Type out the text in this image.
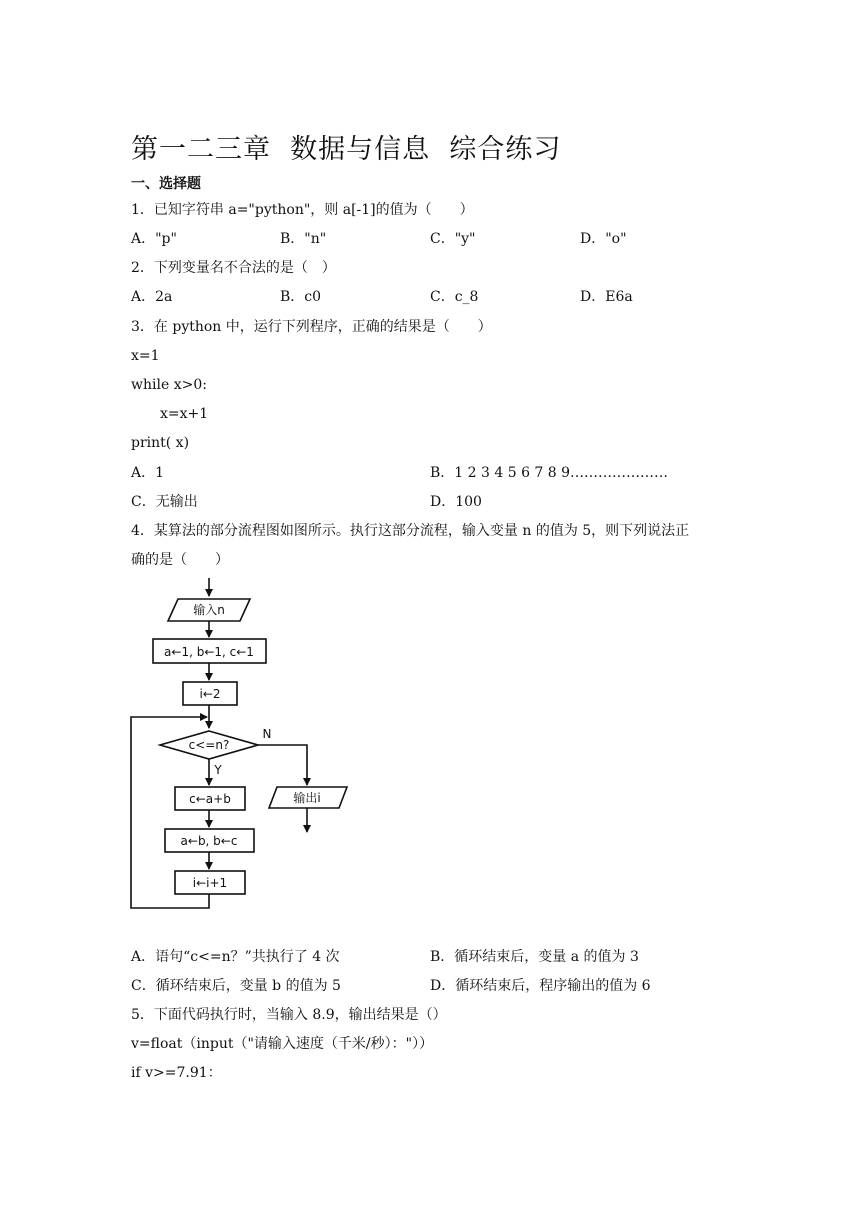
第一二三章  数据与信息  综合练习
一、选择题
1．已知字符串 a="python"，则 a[-1]的值为（　　）
A．"p"	B．"n"	C．"y"	D．"o"
2．下列变量名不合法的是（　）
A．2a	B．c0	C．c_8	D．E6a
3．在 python 中，运行下列程序，正确的结果是（　　）
x=1
while x>0:
x=x+1
print( x)
A．1	B．1 2 3 4 5 6 7 8 9…………………
C．无输出	D．100
4．某算法的部分流程图如图所示。执行这部分流程，输入变量 n 的值为 5，则下列说法正
确的是（　　）
输入n
a←1, b←1, c←1
i←2
c<=n?
N
Y
输出i
c←a+b
a←b, b←c
i←i+1
A．语句“c<=n？”共执行了 4 次	B．循环结束后，变量 a 的值为 3
C．循环结束后，变量 b 的值为 5	D．循环结束后，程序输出的值为 6
5．下面代码执行时，当输入 8.9，输出结果是（）
v=float（input（"请输入速度（千米/秒）："））
if v>=7.91：
